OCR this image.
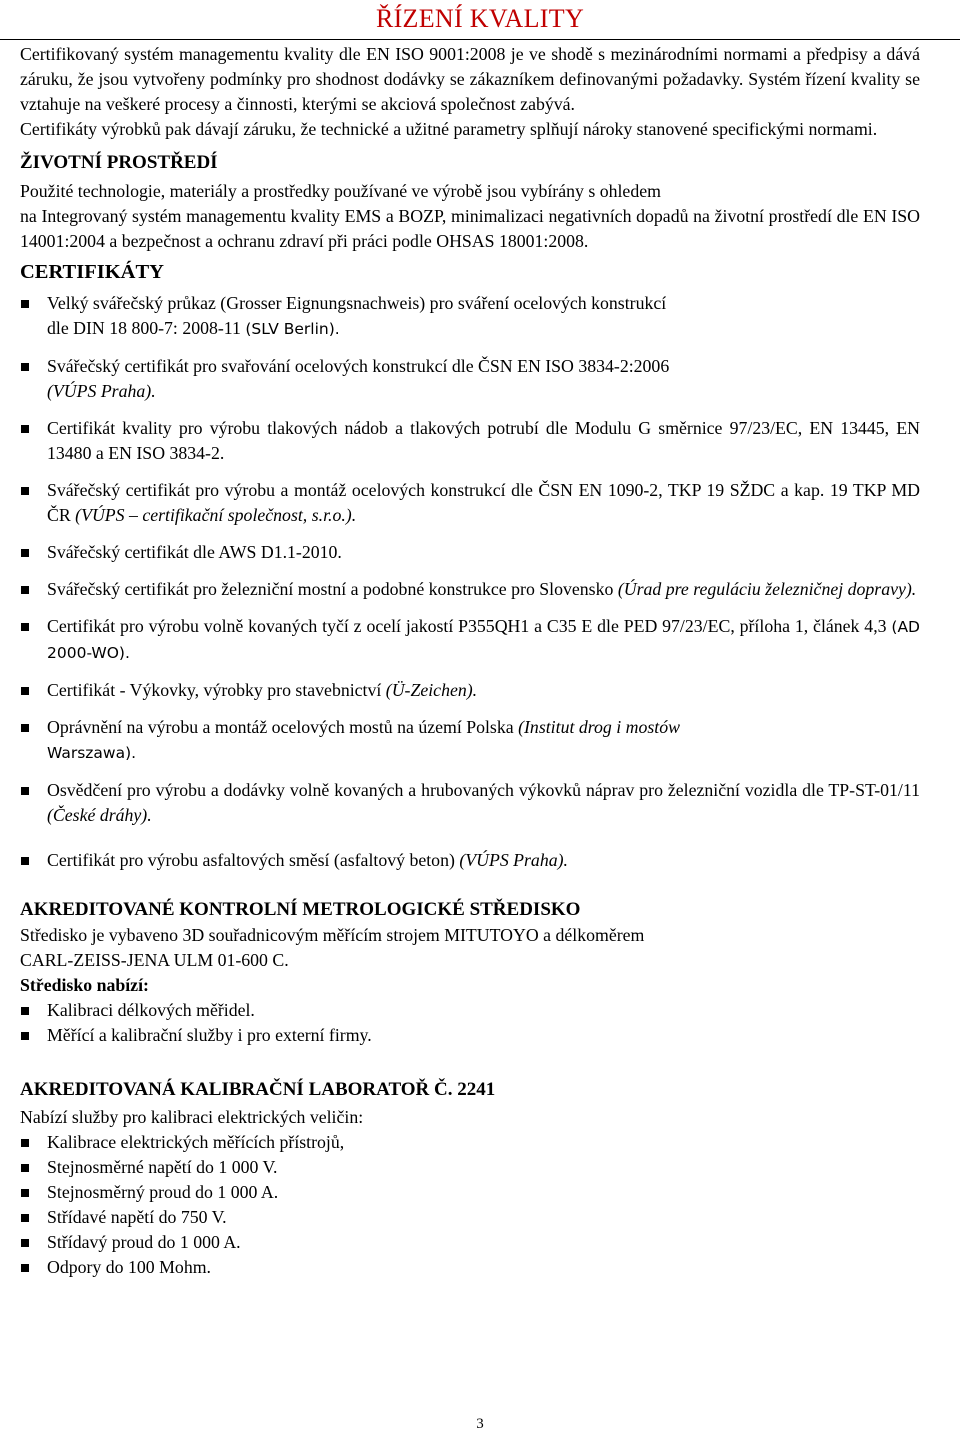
ŘÍZENÍ KVALITY

Certifikovaný systém managementu kvality dle EN ISO 9001:2008 je ve shodě s mezinárodními normami a předpisy a dává záruku, že jsou vytvořeny podmínky pro shodnost dodávky se zákazníkem definovanými požadavky. Systém řízení kvality se vztahuje na veškeré procesy a činnosti, kterými se akciová společnost zabývá.

Certifikáty výrobků pak dávají záruku, že technické a užitné parametry splňují nároky stanovené specifickými normami.

ŽIVOTNÍ PROSTŘEDÍ

Použité technologie, materiály a prostředky používané ve výrobě jsou vybírány s ohledem

na Integrovaný systém managementu kvality EMS a BOZP, minimalizaci negativních dopadů na životní prostředí dle EN ISO 14001:2004 a bezpečnost a ochranu zdraví při práci podle OHSAS 18001:2008.

CERTIFIKÁTY
Velký svářečský průkaz (Grosser Eignungsnachweis) pro sváření ocelových konstrukcí
dle DIN 18 800-7: 2008-11 (SLV Berlin).
Svářečský certifikát pro svařování ocelových konstrukcí dle ČSN EN ISO 3834-2:2006
(VÚPS Praha).
Certifikát kvality pro výrobu tlakových nádob a tlakových potrubí dle Modulu G směrnice 97/23/EC, EN 13445, EN 13480 a EN ISO 3834-2.
Svářečský certifikát pro výrobu a montáž ocelových konstrukcí dle ČSN EN 1090-2, TKP 19 SŽDC a kap. 19 TKP MD ČR (VÚPS – certifikační společnost, s.r.o.).
Svářečský certifikát dle AWS D1.1-2010.
Svářečský certifikát pro železniční mostní a podobné konstrukce pro Slovensko (Úrad pre reguláciu železničnej dopravy).
Certifikát pro výrobu volně kovaných tyčí z ocelí jakostí P355QH1 a C35 E dle PED 97/23/EC, příloha 1, článek 4,3 (AD 2000-WO).
Certifikát - Výkovky, výrobky pro stavebnictví (Ü-Zeichen).
Oprávnění na výrobu a montáž ocelových mostů na území Polska (Institut drog i mostów
Warszawa).
Osvědčení pro výrobu a dodávky volně kovaných a hrubovaných výkovků náprav pro železniční vozidla dle TP-ST-01/11 (České dráhy).
Certifikát pro výrobu asfaltových směsí (asfaltový beton) (VÚPS Praha).
AKREDITOVANÉ KONTROLNÍ METROLOGICKÉ STŘEDISKO

Středisko je vybaveno 3D souřadnicovým měřícím strojem MITUTOYO a délkoměrem

CARL-ZEISS-JENA ULM 01-600 C.

Středisko nabízí:

Kalibraci délkových měřidel.
Měřící a kalibrační služby i pro externí firmy.
AKREDITOVANÁ KALIBRAČNÍ LABORATOŘ Č. 2241

Nabízí služby pro kalibraci elektrických veličin:

Kalibrace elektrických měřících přístrojů,
Stejnosměrné napětí do 1 000 V.
Stejnosměrný proud do 1 000 A.
Střídavé napětí do 750 V.
Střídavý proud do 1 000 A.
Odpory do 100 Mohm.
3
